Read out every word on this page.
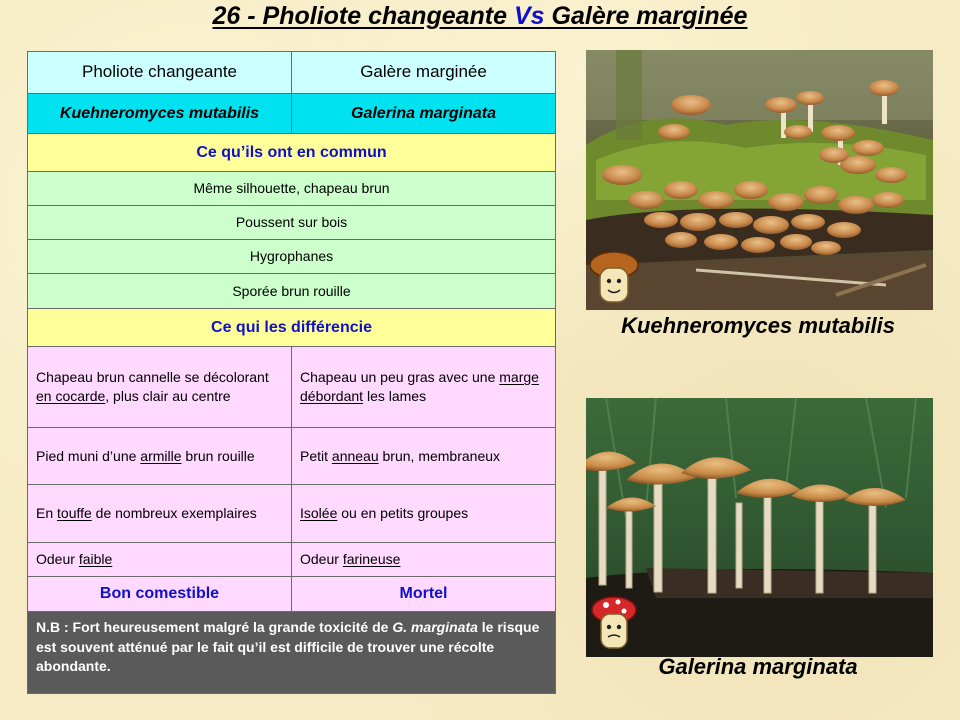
26 - Pholiote changeante Vs Galère marginée
Pholiote changeante	Galère marginée
Kuehneromyces mutabilis	Galerina marginata
Ce qu’ils ont en commun	
Même silhouette, chapeau brun	
Poussent sur bois	
Hygrophanes	
Sporée brun rouille	
Ce qui les différencie	
Chapeau brun cannelle se décolorant en cocarde, plus clair au centre	Chapeau un peu gras avec une marge débordant les lames
Pied muni d’une armille brun rouille	Petit anneau brun, membraneux
En touffe de nombreux exemplaires	Isolée ou en petits groupes
Odeur faible	Odeur farineuse
Bon comestible	Mortel
N.B : Fort heureusement malgré la grande toxicité de G. marginata le risque est souvent atténué par le fait qu’il est difficile de trouver une récolte abondante.	
Kuehneromyces mutabilis
Galerina marginata
